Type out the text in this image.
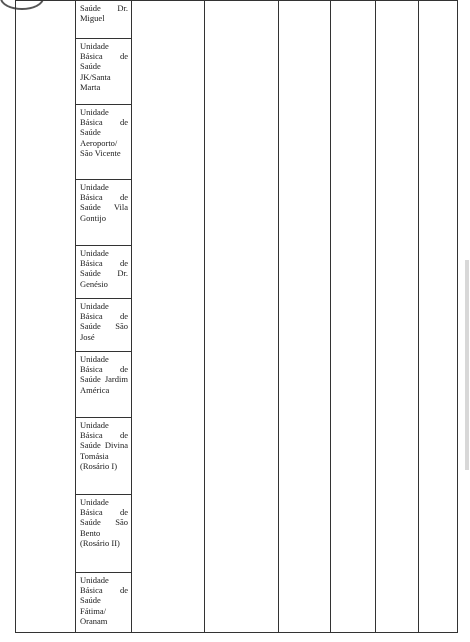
	Saúde Dr. Miguel						
Unidade Básica de Saúde JK/Santa Marta
Unidade Básica de Saúde Aeroporto/ São Vicente
Unidade Básica de Saúde Vila Gontijo
Unidade Básica de Saúde Dr. Genésio
Unidade Básica de Saúde São José
Unidade Básica de Saúde Jardim América
Unidade Básica de Saúde Divina Tomásia (Rosário I)
Unidade Básica de Saúde São Bento (Rosário II)
Unidade Básica de Saúde Fátima/ Oranam
